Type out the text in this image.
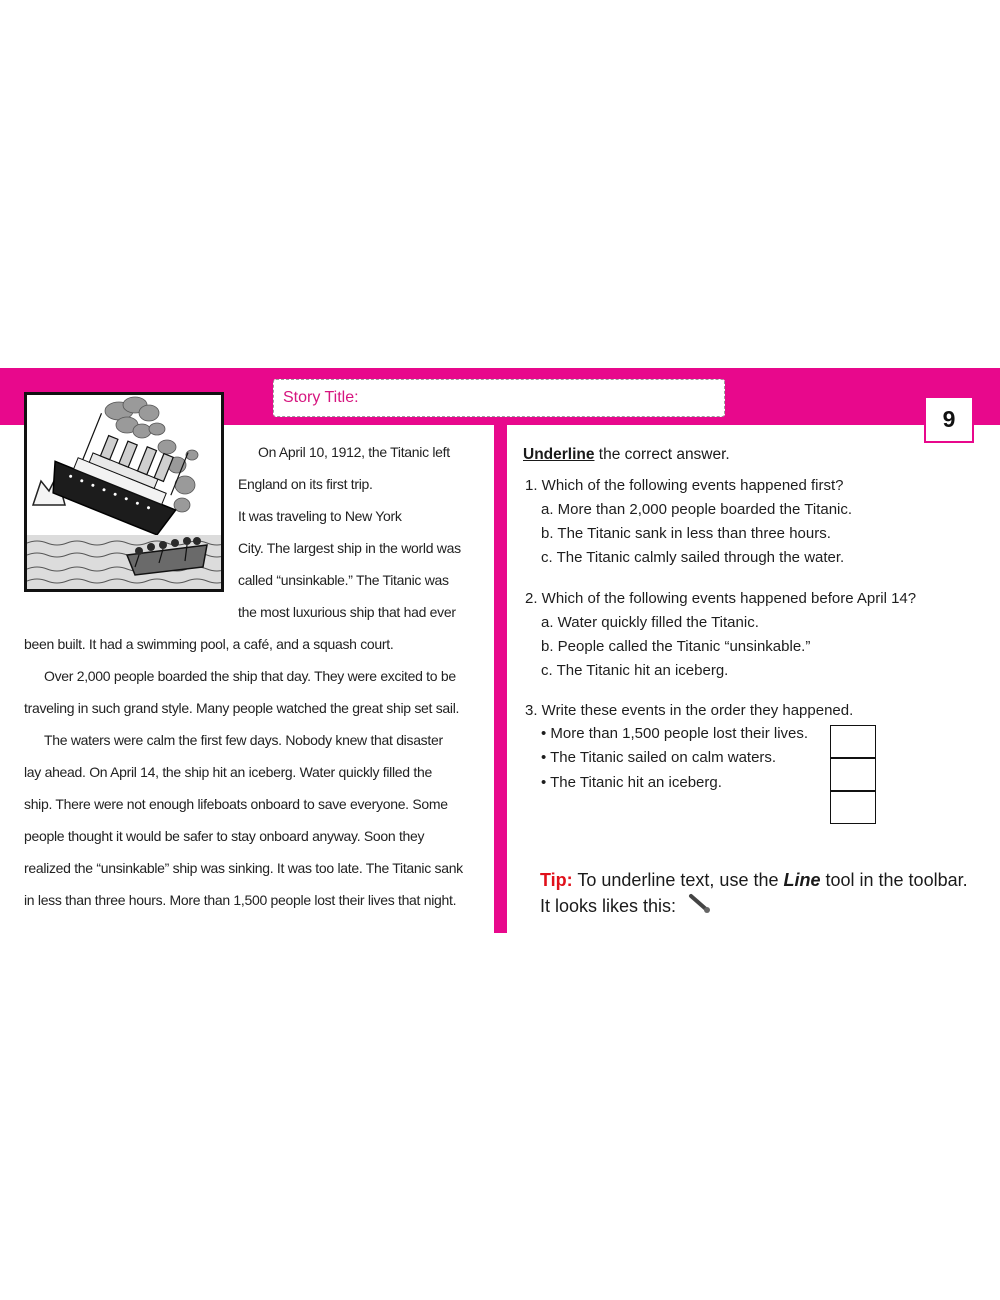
Story Title:
9
On April 10, 1912, the Titanic left
England on its first trip.
It was traveling to New York
City. The largest ship in the world was
called “unsinkable.” The Titanic was
the most luxurious ship that had ever
been built. It had a swimming pool, a café, and a squash court.
Over 2,000 people boarded the ship that day. They were excited to be
traveling in such grand style. Many people watched the great ship set sail.
The waters were calm the first few days. Nobody knew that disaster
lay ahead. On April 14, the ship hit an iceberg. Water quickly filled the
ship. There were not enough lifeboats onboard to save everyone. Some
people thought it would be safer to stay onboard anyway. Soon they
realized the “unsinkable” ship was sinking. It was too late. The Titanic sank
in less than three hours. More than 1,500 people lost their lives that night.
Underline the correct answer.
1. Which of the following events happened first?
a. More than 2,000 people boarded the Titanic.
b. The Titanic sank in less than three hours.
c. The Titanic calmly sailed through the water.
2. Which of the following events happened before April 14?
a. Water quickly filled the Titanic.
b. People called the Titanic “unsinkable.”
c. The Titanic hit an iceberg.
3. Write these events in the order they happened.
• More than 1,500 people lost their lives.
• The Titanic sailed on calm waters.
• The Titanic hit an iceberg.
Tip: To underline text, use the Line tool in the toolbar. It looks likes this:
